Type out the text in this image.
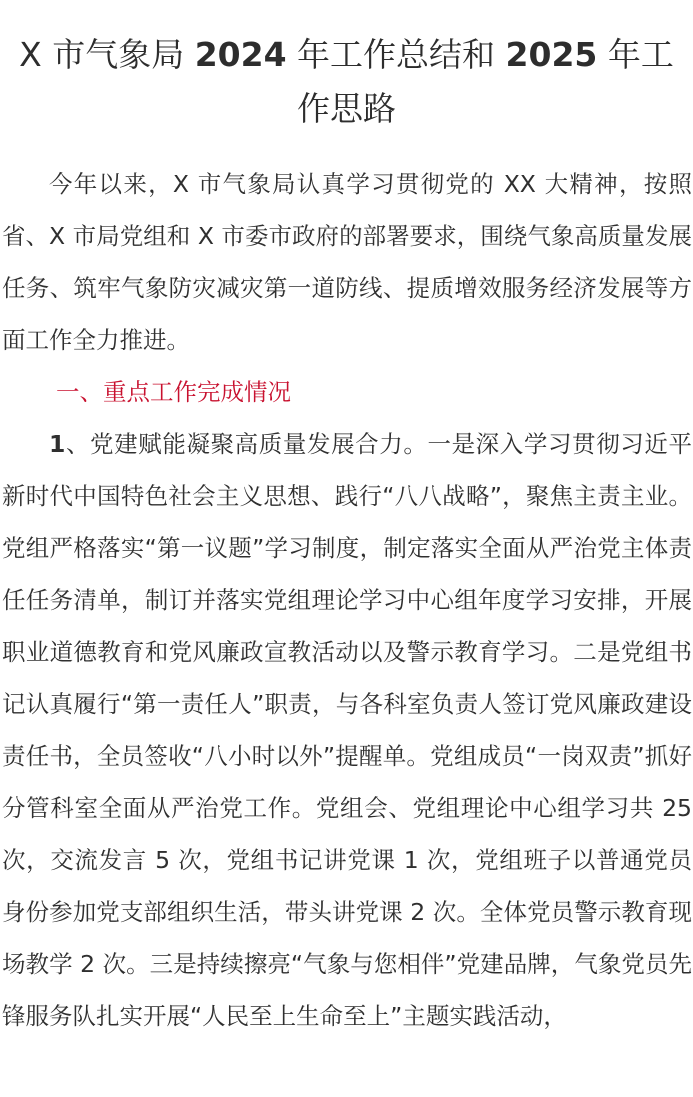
X 市气象局 2024 年工作总结和 2025 年工作思路

今年以来，X 市气象局认真学习贯彻党的 XX 大精神，按照省、X 市局党组和 X 市委市政府的部署要求，围绕气象高质量发展任务、筑牢气象防灾减灾第一道防线、提质增效服务经济发展等方面工作全力推进。

一、重点工作完成情况

1、党建赋能凝聚高质量发展合力。一是深入学习贯彻习近平新时代中国特色社会主义思想、践行“八八战略”，聚焦主责主业。党组严格落实“第一议题”学习制度，制定落实全面从严治党主体责任任务清单，制订并落实党组理论学习中心组年度学习安排，开展职业道德教育和党风廉政宣教活动以及警示教育学习。二是党组书记认真履行“第一责任人”职责，与各科室负责人签订党风廉政建设责任书，全员签收“八小时以外”提醒单。党组成员“一岗双责”抓好分管科室全面从严治党工作。党组会、党组理论中心组学习共 25 次，交流发言 5 次，党组书记讲党课 1 次，党组班子以普通党员身份参加党支部组织生活，带头讲党课 2 次。全体党员警示教育现场教学 2 次。三是持续擦亮“气象与您相伴”党建品牌，气象党员先锋服务队扎实开展“人民至上生命至上”主题实践活动，
